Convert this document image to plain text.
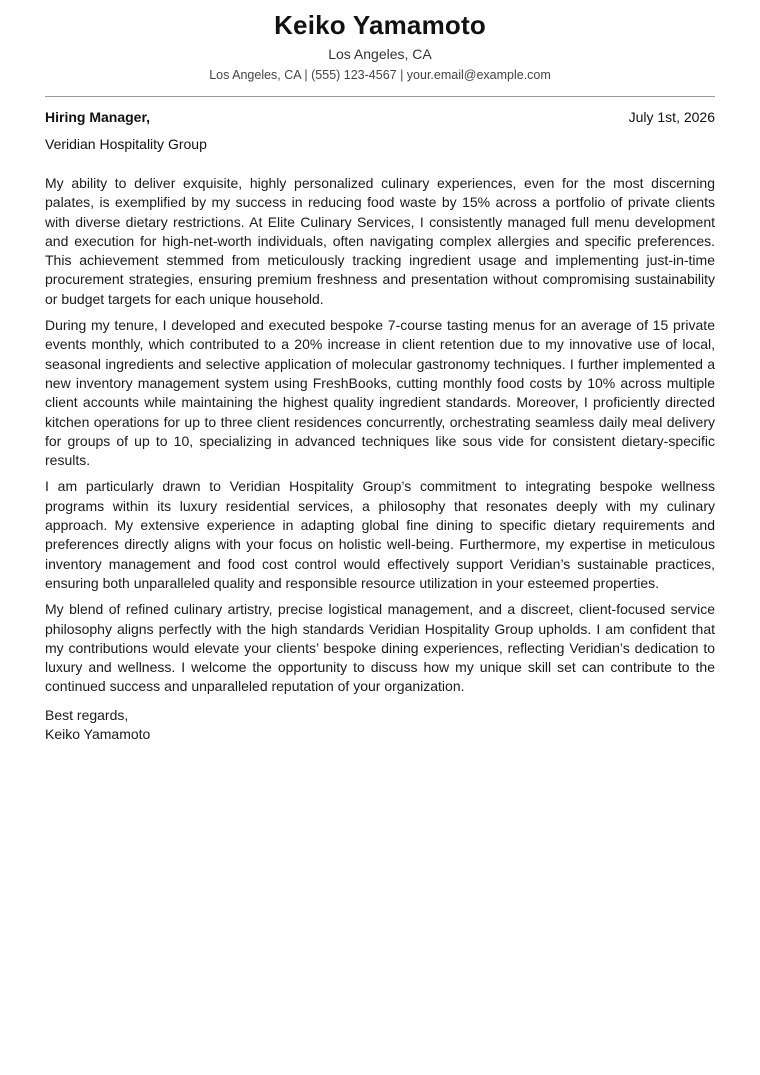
Keiko Yamamoto
Los Angeles, CA
Los Angeles, CA | (555) 123-4567 | your.email@example.com
Hiring Manager,	July 1st, 2026
Veridian Hospitality Group

My ability to deliver exquisite, highly personalized culinary experiences, even for the most discerning palates, is exemplified by my success in reducing food waste by 15% across a portfolio of private clients with diverse dietary restrictions. At Elite Culinary Services, I consistently managed full menu development and execution for high-net-worth individuals, often navigating complex allergies and specific preferences. This achievement stemmed from meticulously tracking ingredient usage and implementing just-in-time procurement strategies, ensuring premium freshness and presentation without compromising sustainability or budget targets for each unique household.

During my tenure, I developed and executed bespoke 7-course tasting menus for an average of 15 private events monthly, which contributed to a 20% increase in client retention due to my innovative use of local, seasonal ingredients and selective application of molecular gastronomy techniques. I further implemented a new inventory management system using FreshBooks, cutting monthly food costs by 10% across multiple client accounts while maintaining the highest quality ingredient standards. Moreover, I proficiently directed kitchen operations for up to three client residences concurrently, orchestrating seamless daily meal delivery for groups of up to 10, specializing in advanced techniques like sous vide for consistent dietary-specific results.

I am particularly drawn to Veridian Hospitality Group’s commitment to integrating bespoke wellness programs within its luxury residential services, a philosophy that resonates deeply with my culinary approach. My extensive experience in adapting global fine dining to specific dietary requirements and preferences directly aligns with your focus on holistic well-being. Furthermore, my expertise in meticulous inventory management and food cost control would effectively support Veridian’s sustainable practices, ensuring both unparalleled quality and responsible resource utilization in your esteemed properties.

My blend of refined culinary artistry, precise logistical management, and a discreet, client-focused service philosophy aligns perfectly with the high standards Veridian Hospitality Group upholds. I am confident that my contributions would elevate your clients’ bespoke dining experiences, reflecting Veridian’s dedication to luxury and wellness. I welcome the opportunity to discuss how my unique skill set can contribute to the continued success and unparalleled reputation of your organization.

Best regards,
Keiko Yamamoto
